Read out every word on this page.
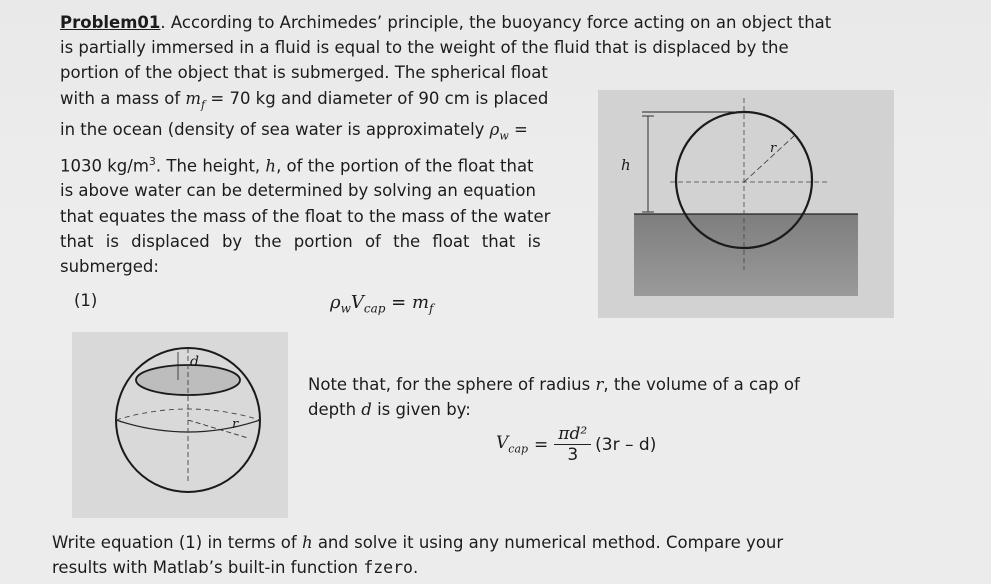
Problem01. According to Archimedes’ principle, the buoyancy force acting on an object that
is partially immersed in a fluid is equal to the weight of the fluid that is displaced by the
portion of the object that is submerged. The spherical float
with a mass of $m_f = 70$ kg and diameter of 90 cm is placed
in the ocean (density of sea water is approximately $\rho_w$ =
1030 $kg/m^3$. The height, h, of the portion of the float that
is above water can be determined by solving an equation
that equates the mass of the float to the mass of the water
that is displaced by the portion of the float that is
submerged:
(1)	$\rho_wV_{cap} = m_f$
h
r
d
r
Note that, for the sphere of radius r, the volume of a cap of
depth d is given by:
$V_{cap} = \frac{\text{πd²}}{3} (3r - d)$
Write equation (1) in terms of h and solve it using any numerical method. Compare your
results with Matlab’s built-in function fzero.
